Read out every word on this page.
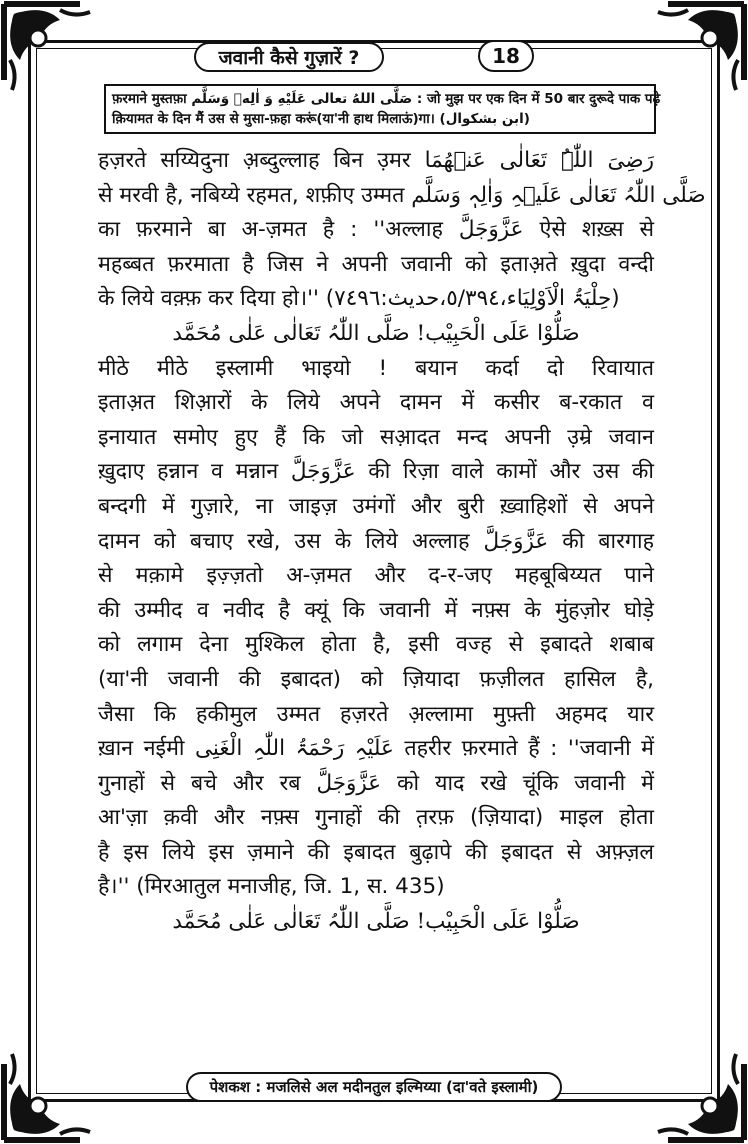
जवानी कैसे गुज़ारें ?	18
फ़रमाने मुस्तफ़ा صَلَّى اللهُ تعالى عَلَيْهِ وَ اٰلِهٖ وَسَلَّم : जो मुझ पर एक दिन में 50 बार दुरूदे पाक पढ़े
क़ियामत के दिन मैं उस से मुसा-फ़हा करूं(या'नी हाथ मिलाऊं)गा। (ابن بشکوال)
हज़रते सय्यिदुना अ़ब्दुल्लाह बिन उ़मर رَضِیَ اللّٰہُ تَعَالٰی عَنۡھُمَا
से मरवी है, नबिय्ये रहमत, शफ़ीए उम्मत صَلَّی اللّٰہُ تَعَالٰی عَلَیۡہِ وَاٰلِہٖ وَسَلَّم
का फ़रमाने बा अ-ज़मत है : ''अल्लाह عَزَّوَجَلَّ ऐसे शख़्स से
महब्बत फ़रमाता है जिस ने अपनी जवानी को इताअ़ते ख़ुदा वन्दी
के लिये वक़्फ़ कर दिया हो।'' (حِلْیَۃُ الْاَوْلِیَاء،٥/٣٩٤،حدیث:٧٤٩٦)
صَلُّوْا عَلَی الْحَبِیْب! صَلَّی اللّٰہُ تَعَالٰی عَلٰی مُحَمَّد
मीठे मीठे इस्लामी भाइयो ! बयान कर्दा दो रिवायात
इताअ़त शिआ़रों के लिये अपने दामन में कसीर ब-रकात व
इनायात समोए हुए हैं कि जो सआ़दत मन्द अपनी उ़म्रे जवान
ख़ुदाए हन्नान व मन्नान عَزَّوَجَلَّ की रिज़ा वाले कामों और उस की
बन्दगी में गुज़ारे, ना जाइज़ उमंगों और बुरी ख़्वाहिशों से अपने
दामन को बचाए रखे, उस के लिये अल्लाह عَزَّوَجَلَّ की बारगाह
से मक़ामे इज़्ज़तो अ-ज़मत और द-र-जए महबूबिय्यत पाने
की उम्मीद व नवीद है क्यूं कि जवानी में नफ़्स के मुंहज़ोर घोड़े
को लगाम देना मुश्किल होता है, इसी वज्ह से इबादते शबाब
(या'नी जवानी की इबादत) को ज़ियादा फ़ज़ीलत हासिल है,
जैसा कि हकीमुल उम्मत हज़रते अ़ल्लामा मुफ़्ती अहमद यार
ख़ान नईमी عَلَیْہِ رَحْمَۃُ اللّٰہِ الْغَنِی तहरीर फ़रमाते हैं : ''जवानी में
गुनाहों से बचे और रब عَزَّوَجَلَّ को याद रखे चूंकि जवानी में
आ'ज़ा क़वी और नफ़्स गुनाहों की त़रफ़ (ज़ियादा) माइल होता
है इस लिये इस ज़माने की इबादत बुढ़ापे की इबादत से अफ़्ज़ल
है।'' (मिरआतुल मनाजीह, जि. 1, स. 435)
صَلُّوْا عَلَی الْحَبِیْب! صَلَّی اللّٰہُ تَعَالٰی عَلٰی مُحَمَّد
पेशकश : मजलिसे अल मदीनतुल इल्मिय्या (दा'वते इस्लामी)
